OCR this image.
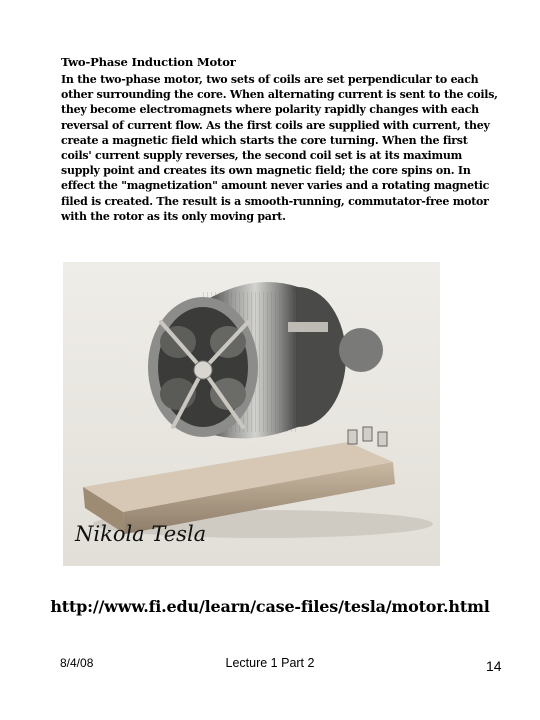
Two-Phase Induction Motor

In the two-phase motor, two sets of coils are set perpendicular to each other surrounding the core. When alternating current is sent to the coils, they become electromagnets where polarity rapidly changes with each reversal of current flow. As the first coils are supplied with current, they create a magnetic field which starts the core turning. When the first coils' current supply reverses, the second coil set is at its maximum supply point and creates its own magnetic field; the core spins on. In effect the "magnetization" amount never varies and a rotating magnetic filed is created. The result is a smooth-running, commutator-free motor with the rotor as its only moving part.

Nikola Tesla

http://www.fi.edu/learn/case-files/tesla/motor.html

8/4/08	Lecture 1 Part 2	14
